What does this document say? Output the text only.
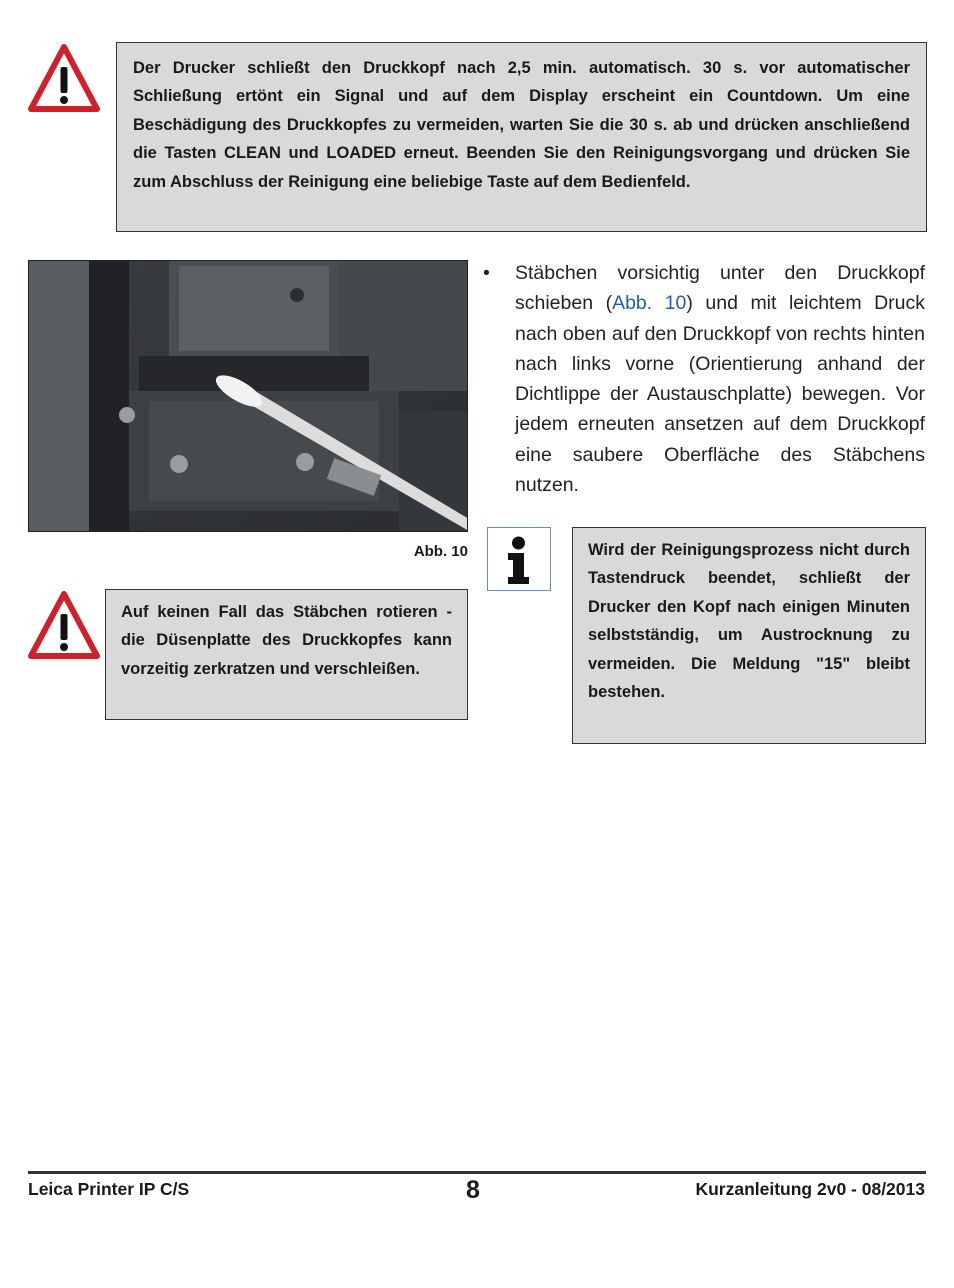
Der Drucker schließt den Druckkopf nach 2,5 min. automatisch. 30 s. vor automatischer Schließung ertönt ein Signal und auf dem Display erscheint ein Countdown. Um eine Beschädigung des Druckkopfes zu vermeiden, warten Sie die 30 s. ab und drücken anschließend die Tasten CLEAN und LOADED erneut. Beenden Sie den Reinigungsvorgang und drücken Sie zum Abschluss der Reinigung eine beliebige Taste auf dem Bedienfeld.
Abb. 10
• Stäbchen vorsichtig unter den Druckkopf schieben (Abb. 10) und mit leichtem Druck nach oben auf den Druckkopf von rechts hinten nach links vorne (Orientierung anhand der Dichtlippe der Austauschplatte) bewegen. Vor jedem erneuten ansetzen auf dem Druckkopf eine saubere Oberfläche des Stäbchens nutzen.
Auf keinen Fall das Stäbchen rotieren - die Düsenplatte des Druckkopfes kann vorzeitig zerkratzen und verschleißen.
Wird der Reinigungsprozess nicht durch Tastendruck beendet, schließt der Drucker den Kopf nach einigen Minuten selbstständig, um Austrocknung zu vermeiden. Die Meldung "15" bleibt bestehen.
Leica Printer IP C/S	8	Kurzanleitung 2v0 - 08/2013
